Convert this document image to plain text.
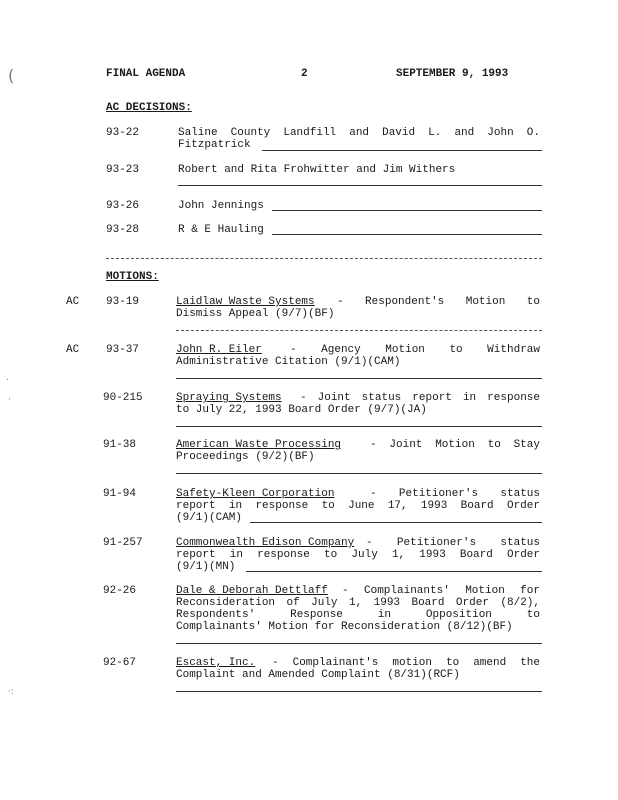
FINAL AGENDA	2	SEPTEMBER 9, 1993
(
.
·
·:
AC DECISIONS:
93-22	Saline County Landfill and David L. and John O.
Fitzpatrick
93-23	Robert and Rita Frohwitter and Jim Withers
93-26	John Jennings
93-28	R & E Hauling
MOTIONS:
AC 93-19	Laidlaw Waste Systems - Respondent's Motion to
Dismiss Appeal (9/7)(BF)
AC 93-37	John R. Eiler	- Agency Motion to Withdraw
Administrative Citation (9/1)(CAM)
90-215	Spraying Systems - Joint status report in response
to July 22, 1993 Board Order (9/7)(JA)
91-38	American Waste Processing	- Joint Motion to Stay
Proceedings (9/2)(BF)
91-94	Safety-Kleen Corporation	- Petitioner's status
report in response to June 17, 1993 Board Order
(9/1)(CAM)
91-257	Commonwealth Edison Company - Petitioner's status
report in response to July 1, 1993 Board Order
(9/1)(MN)
92-26	Dale & Deborah Dettlaff - Complainants' Motion for
Reconsideration of July 1, 1993 Board Order (8/2),
Respondents' Response in Opposition to
Complainants' Motion for Reconsideration (8/12)(BF)
92-67	Escast, Inc. - Complainant's motion to amend the
Complaint and Amended Complaint (8/31)(RCF)
